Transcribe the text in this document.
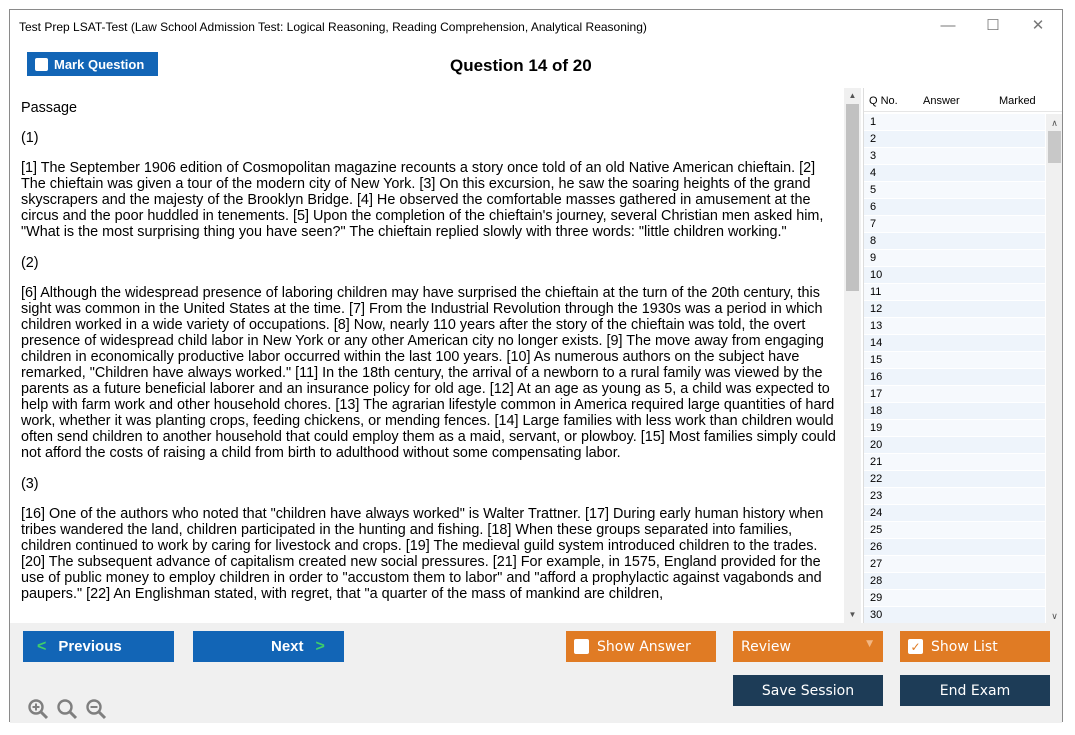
Test Prep LSAT-Test (Law School Admission Test: Logical Reasoning, Reading Comprehension, Analytical Reasoning)	—	☐	✕
Mark Question	Question 14 of 20

Passage

(1)

[1] The September 1906 edition of Cosmopolitan magazine recounts a story once told of an old Native American chieftain. [2] The chieftain was given a tour of the modern city of New York. [3] On this excursion, he saw the soaring heights of the grand skyscrapers and the majesty of the Brooklyn Bridge. [4] He observed the comfortable masses gathered in amusement at the circus and the poor huddled in tenements. [5] Upon the completion of the chieftain's journey, several Christian men asked him, "What is the most surprising thing you have seen?" The chieftain replied slowly with three words: "little children working."

(2)

[6] Although the widespread presence of laboring children may have surprised the chieftain at the turn of the 20th century, this sight was common in the United States at the time. [7] From the Industrial Revolution through the 1930s was a period in which children worked in a wide variety of occupations. [8] Now, nearly 110 years after the story of the chieftain was told, the overt presence of widespread child labor in New York or any other American city no longer exists. [9] The move away from engaging children in economically productive labor occurred within the last 100 years. [10] As numerous authors on the subject have remarked, "Children have always worked." [11] In the 18th century, the arrival of a newborn to a rural family was viewed by the parents as a future beneficial laborer and an insurance policy for old age. [12] At an age as young as 5, a child was expected to help with farm work and other household chores. [13] The agrarian lifestyle common in America required large quantities of hard work, whether it was planting crops, feeding chickens, or mending fences. [14] Large families with less work than children would often send children to another household that could employ them as a maid, servant, or plowboy. [15] Most families simply could not afford the costs of raising a child from birth to adulthood without some compensating labor.

(3)

[16] One of the authors who noted that "children have always worked" is Walter Trattner. [17] During early human history when tribes wandered the land, children participated in the hunting and fishing. [18] When these groups separated into families, children continued to work by caring for livestock and crops. [19] The medieval guild system introduced children to the trades. [20] The subsequent advance of capitalism created new social pressures. [21] For example, in 1575, England provided for the use of public money to employ children in order to "accustom them to labor" and "afford a prophylactic against vagabonds and paupers." [22] An Englishman stated, with regret, that "a quarter of the mass of mankind are children,

▲
▼
Q No. Answer	Marked
1
2
3
4
5
6
7
8
9
10
11
12
13
14
15
16
17
18
19
20
21
22
23
24
25
26
27
28
29
30
∧
∨
< Previous	Next >	Show Answer	Review	▼	✓ Show List
Save Session	End Exam
